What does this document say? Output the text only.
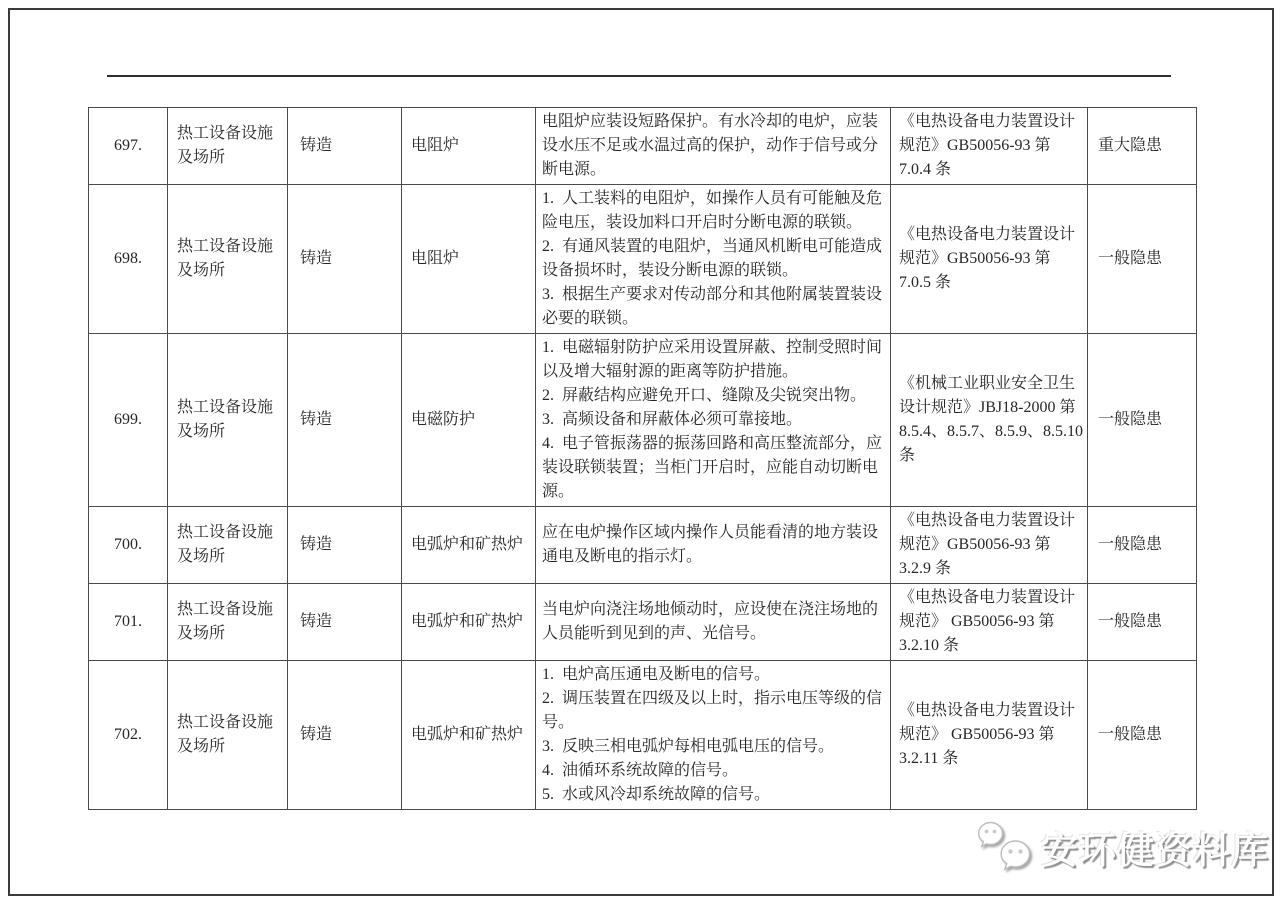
697.	热工设备设施及场所	铸造	电阻炉	电阻炉应装设短路保护。有水冷却的电炉，应装设水压不足或水温过高的保护，动作于信号或分断电源。	《电热设备电力装置设计规范》GB50056-93 第 7.0.4 条	重大隐患
698.	热工设备设施及场所	铸造	电阻炉	1.  人工装料的电阻炉，如操作人员有可能触及危险电压，装设加料口开启时分断电源的联锁。
2.  有通风装置的电阻炉，当通风机断电可能造成设备损坏时，装设分断电源的联锁。
3.  根据生产要求对传动部分和其他附属装置装设必要的联锁。	《电热设备电力装置设计规范》GB50056-93 第 7.0.5 条	一般隐患
699.	热工设备设施及场所	铸造	电磁防护	1.  电磁辐射防护应采用设置屏蔽、控制受照时间以及增大辐射源的距离等防护措施。
2.  屏蔽结构应避免开口、缝隙及尖锐突出物。
3.  高频设备和屏蔽体必须可靠接地。
4.  电子管振荡器的振荡回路和高压整流部分，应装设联锁装置；当柜门开启时，应能自动切断电源。	《机械工业职业安全卫生设计规范》JBJ18-2000 第 8.5.4、8.5.7、8.5.9、8.5.10 条	一般隐患
700.	热工设备设施及场所	铸造	电弧炉和矿热炉	应在电炉操作区域内操作人员能看清的地方装设通电及断电的指示灯。	《电热设备电力装置设计规范》GB50056-93 第 3.2.9 条	一般隐患
701.	热工设备设施及场所	铸造	电弧炉和矿热炉	当电炉向浇注场地倾动时，应设使在浇注场地的人员能听到见到的声、光信号。	《电热设备电力装置设计规范》 GB50056-93 第 3.2.10 条	一般隐患
702.	热工设备设施及场所	铸造	电弧炉和矿热炉	1.  电炉高压通电及断电的信号。
2.  调压装置在四级及以上时，指示电压等级的信号。
3.  反映三相电弧炉每相电弧电压的信号。
4.  油循环系统故障的信号。
5.  水或风冷却系统故障的信号。	《电热设备电力装置设计规范》 GB50056-93 第 3.2.11 条	一般隐患
安环健资料库
